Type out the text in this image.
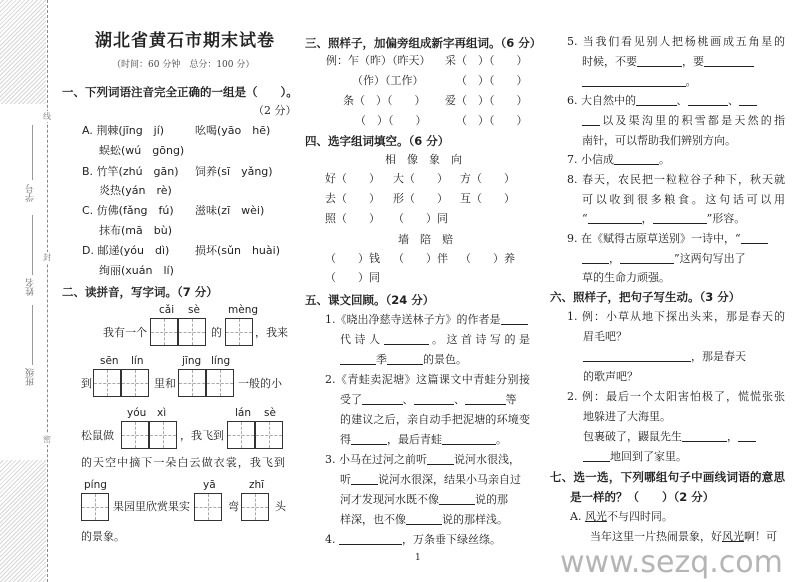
线
封
密
学号
姓名
班级
湖北省黄石市期末试卷
（时间：60 分钟　总分：100 分）
一、下列词语注音完全正确的一组是（　　）。
（2 分）
A. 荆棘(jīng　jí)	吆喝(yāo　hē)
蜈蚣(wú　gōng)
B. 竹竿(zhú　gān) 饲养(sī　yǎng)
炎热(yán　rè)
C. 仿佛(fǎng　fú) 滋味(zī　wèi)
抹布(mā　bù)
D. 邮递(yóu　dì) 损坏(sǔn　huài)
绚丽(xuán　lí)
二、读拼音，写字词。（7 分）
cǎi sè	mèng
我有一个	的	，我来
sēn lín	jīng líng
到	里和	一般的小
yóu xì	lán sè
松鼠做	，我飞到
的天空中摘下一朵白云做衣裳，我飞到
píng	yā	zhī
果园里欣赏果实	弯	头
的景象。
三、照样子，加偏旁组成新字再组词。（6 分）
例：乍（昨）（昨天） 采（　）（　　）
（作）（工作）	（　）（　　）
条（　）（　　） 爱（　）（　　）
（　）（　　）	（　）（　　）
四、选字组词填空。（6 分）
相　像　象　向
好（　　） 大（　　） 方（　　）
去（　　） 形（　　） 互（　　）
照（　　） （　　）同
墙　陪　赔
（　　）钱 （　　）伴 （　　）养
（　　）同
五、课文回顾。（24 分）
1.《晓出净慈寺送林子方》的作者是
代诗人	。这首诗写的是
季	的景色。
2.《青蛙卖泥塘》这篇课文中青蛙分别接
受了	、	、	等
的建议之后，亲自动手把泥塘的环境变
得	，最后青蛙	。
3. 小马在过河之前听 说河水很浅，
听 说河水很深，结果小马亲自过
河才发现河水既不像	说的那
样深，也不像	说的那样浅。
4.	，万条垂下绿丝绦。
1
5. 当我们看见别人把杨桃画成五角星的
时候，不要	，要
。
6. 大自然中的	、	、
以及渠沟里的积雪都是天然的指
南针，可以帮助我们辨别方向。
7. 小信成	。
8. 春天，农民把一粒粒谷子种下，秋天就
可以收到很多粮食。这句话可以用
“	，	”形容。
9. 在《赋得古原草送别》一诗中，“
，	”这两句写出了
草的生命力顽强。
六、照样子，把句子写生动。（3 分）
1. 例：小草从地下探出头来，那是春天的
眉毛吧？
，那是春天
的歌声吧？
2. 例：最后一个太阳害怕极了，慌慌张张
地躲进了大海里。
包裹破了，鼹鼠先生	，
地回到了家里。
七、选一选，下列哪组句子中画线词语的意思
是一样的？（　　）（2 分）
A. 风光不与四时同。
当年这里一片热闹景象，好风光啊！可
www.sezq.com
